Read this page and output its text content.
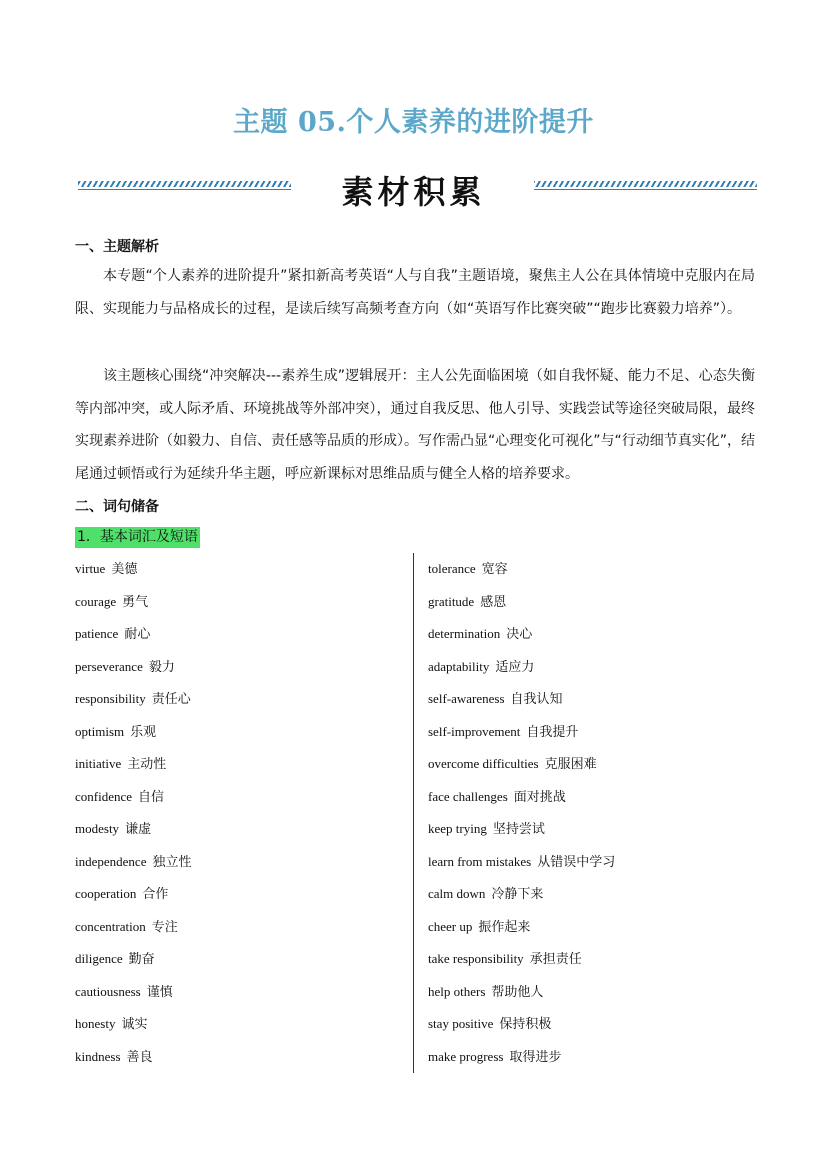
主题 05.个人素养的进阶提升
素材积累
一、主题解析
本专题“个人素养的进阶提升”紧扣新高考英语“人与自我”主题语境，聚焦主人公在具体情境中克服内在局限、实现能力与品格成长的过程，是读后续写高频考查方向（如“英语写作比赛突破”“跑步比赛毅力培养”）。
该主题核心围绕“冲突解决---素养生成”逻辑展开：主人公先面临困境（如自我怀疑、能力不足、心态失衡等内部冲突，或人际矛盾、环境挑战等外部冲突），通过自我反思、他人引导、实践尝试等途径突破局限，最终实现素养进阶（如毅力、自信、责任感等品质的形成）。写作需凸显“心理变化可视化”与“行动细节真实化”，结尾通过顿悟或行为延续升华主题，呼应新课标对思维品质与健全人格的培养要求。
二、词句储备
1．基本词汇及短语
virtue 美德
courage 勇气
patience 耐心
perseverance 毅力
responsibility 责任心
optimism 乐观
initiative 主动性
confidence 自信
modesty 谦虚
independence 独立性
cooperation 合作
concentration 专注
diligence 勤奋
cautiousness 谨慎
honesty 诚实
kindness 善良
tolerance 宽容
gratitude 感恩
determination 决心
adaptability 适应力
self-awareness 自我认知
self-improvement 自我提升
overcome difficulties 克服困难
face challenges 面对挑战
keep trying 坚持尝试
learn from mistakes 从错误中学习
calm down 冷静下来
cheer up 振作起来
take responsibility 承担责任
help others 帮助他人
stay positive 保持积极
make progress 取得进步
